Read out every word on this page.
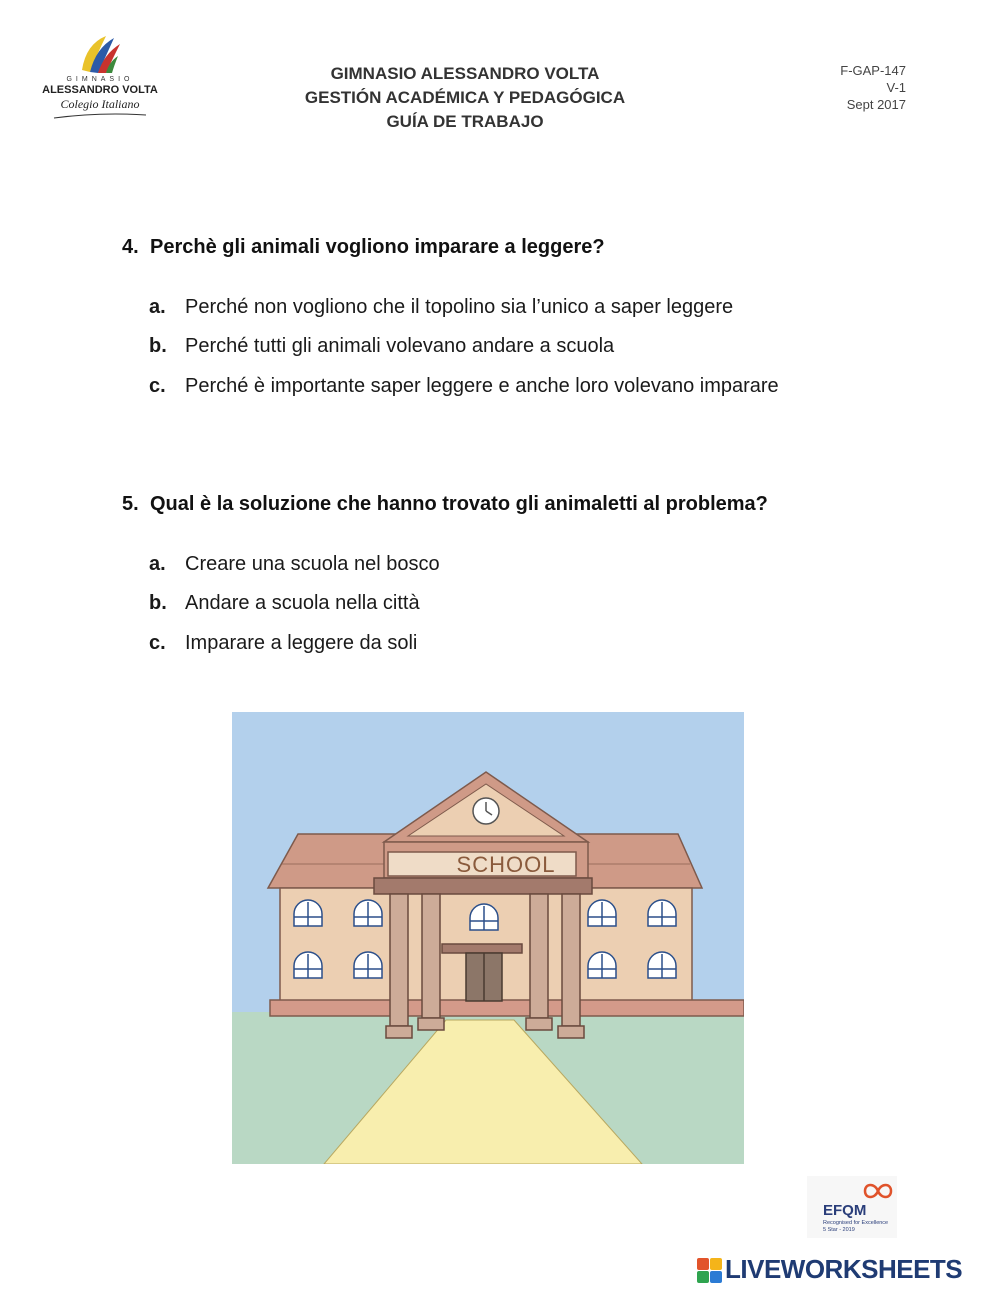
GIMNASIO
ALESSANDRO VOLTA
Colegio Italiano
GIMNASIO ALESSANDRO VOLTA
GESTIÓN ACADÉMICA Y PEDAGÓGICA
GUÍA DE TRABAJO
F-GAP-147
V-1
Sept 2017
4. Perchè gli animali vogliono imparare a leggere?
a. Perché non vogliono che il topolino sia l’unico a saper leggere
b. Perché tutti gli animali volevano andare a scuola
c. Perché è importante saper leggere e anche loro volevano imparare
5. Qual è la soluzione che hanno trovato gli animaletti al problema?
a. Creare una scuola nel bosco
b. Andare a scuola nella città
c. Imparare a leggere da soli
SCHOOL
EFQM
Recognised for Excellence
5 Star - 2019
LIVEWORKSHEETS
